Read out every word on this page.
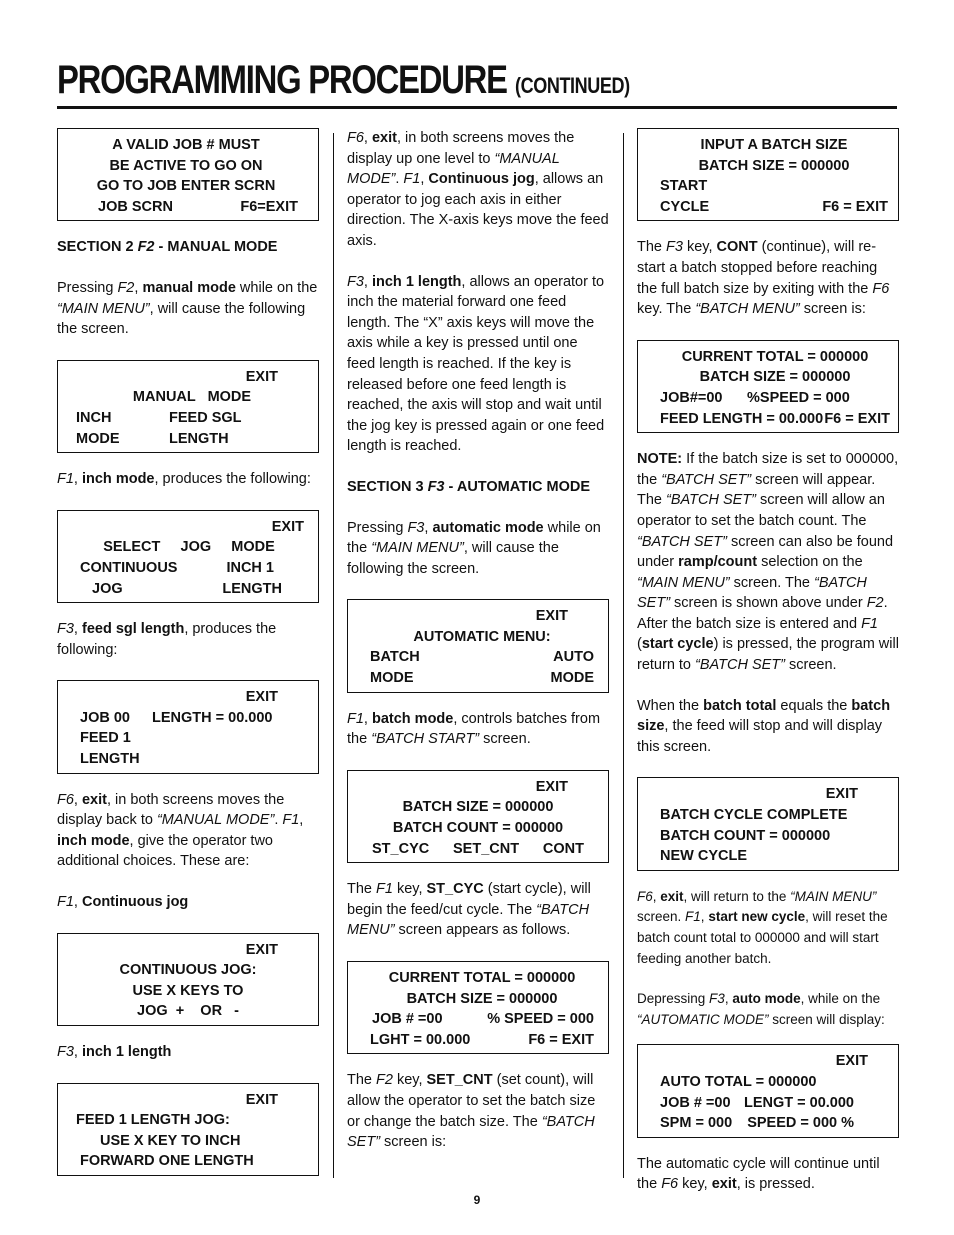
PROGRAMMING PROCEDURE (CONTINUED)
A VALID JOB # MUST
BE ACTIVE TO GO ON
GO TO JOB ENTER SCRN
JOB SCRN	F6=EXIT
SECTION 2 F2 - MANUAL MODE

Pressing F2, manual mode while on the “MAIN MENU”, will cause the following the screen.

EXIT
MANUAL   MODE
INCH	FEED SGL
MODE	LENGTH

F1, inch mode, produces the following:

EXIT
SELECT     JOG     MODE
CONTINUOUS	INCH 1
JOG	LENGTH

F3, feed sgl length, produces the following:

EXIT
JOB 00	LENGTH = 00.000
FEED 1
LENGTH

F6, exit, in both screens moves the display back to “MANUAL MODE”. F1, inch mode, give the operator two additional choices. These are:

F1, Continuous jog

EXIT
CONTINUOUS JOG:
USE X KEYS TO
JOG  +    OR   -

F3, inch 1 length

EXIT
FEED 1 LENGTH JOG:
USE X KEY TO INCH
FORWARD ONE LENGTH

F6, exit, in both screens moves the display up one level to “MANUAL MODE”. F1, Continuous jog, allows an operator to jog each axis in either direction. The X-axis keys move the feed axis.

F3, inch 1 length, allows an operator to inch the material forward one feed length. The “X” axis keys will move the axis while a key is pressed until one feed length is reached. If the key is released before one feed length is reached, the axis will stop and wait until the jog key is pressed again or one feed length is reached.

SECTION 3 F3 - AUTOMATIC MODE

Pressing F3, automatic mode while on the “MAIN MENU”, will cause the following the screen.

EXIT
AUTOMATIC MENU:
BATCH	AUTO
MODE	MODE

F1, batch mode, controls batches from the “BATCH START” screen.

EXIT
BATCH SIZE = 000000
BATCH COUNT = 000000
ST_CYC SET_CNT CONT

The F1 key, ST_CYC (start cycle), will begin the feed/cut cycle. The “BATCH MENU” screen appears as follows.

CURRENT TOTAL = 000000
BATCH SIZE = 000000
JOB # =00	% SPEED = 000
LGHT = 00.000	F6 = EXIT

The F2 key, SET_CNT (set count), will allow the operator to set the batch size or change the batch size. The “BATCH SET” screen is:

INPUT A BATCH SIZE
BATCH SIZE = 000000
START
CYCLE	F6 = EXIT

The F3 key, CONT (continue), will re-start a batch stopped before reaching the full batch size by exiting with the F6 key. The “BATCH MENU” screen is:

CURRENT TOTAL = 000000
BATCH SIZE = 000000
JOB#=00	%SPEED = 000
FEED LENGTH = 00.000 F6 = EXIT

NOTE: If the batch size is set to 000000, the “BATCH SET” screen will appear. The “BATCH SET” screen will allow an operator to set the batch count. The “BATCH SET” screen can also be found under ramp/count selection on the “MAIN MENU” screen. The “BATCH SET” screen is shown above under F2. After the batch size is entered and F1 (start cycle) is pressed, the program will return to “BATCH SET” screen.

When the batch total equals the batch size, the feed will stop and will display this screen.

EXIT
BATCH CYCLE COMPLETE
BATCH COUNT = 000000
NEW CYCLE

F6, exit, will return to the “MAIN MENU” screen. F1, start new cycle, will reset the batch count total to 000000 and will start feeding another batch.

Depressing F3, auto mode, while on the “AUTOMATIC MODE” screen will display:

EXIT
AUTO TOTAL = 000000
JOB # =00 LENGT = 00.000
SPM = 000 SPEED = 000 %

The automatic cycle will continue until the F6 key, exit, is pressed.

9
